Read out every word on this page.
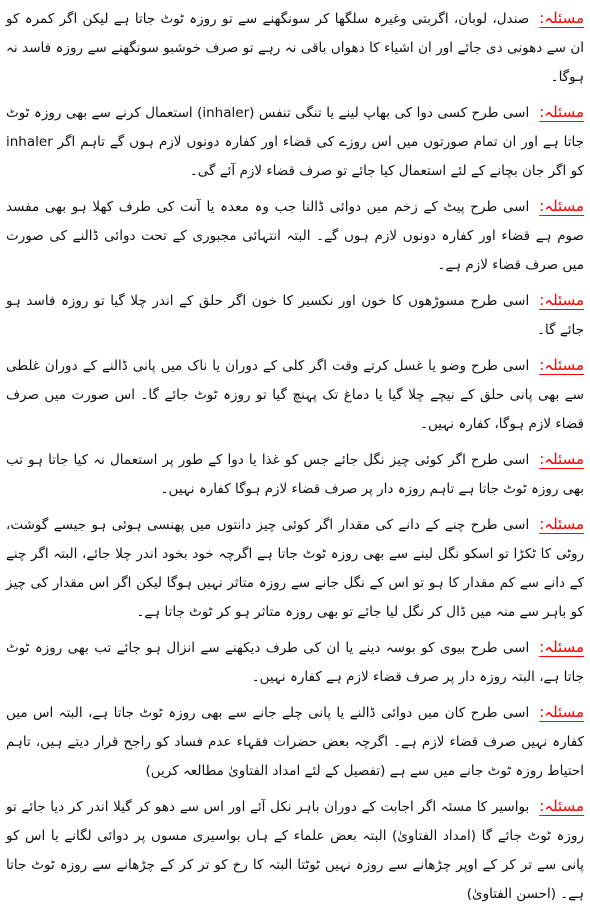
مسئلہ:صندل، لوبان، اگربتی وغیرہ سلگھا کر سونگھنے سے تو روزہ ٹوٹ جاتا ہے لیکن اگر کمرہ کو ان سے دھونی دی جائے اور ان اشیاء کا دھواں باقی نہ رہے تو صرف خوشبو سونگھنے سے روزہ فاسد نہ ہوگا۔

مسئلہ:اسی طرح کسی دوا کی بھاپ لینے یا تنگی تنفس (inhaler) استعمال کرنے سے بھی روزہ ٹوٹ جاتا ہے اور ان تمام صورتوں میں اس روزے کی قضاء اور کفارہ دونوں لازم ہوں گے تاہم اگر inhaler کو اگر جان بچانے کے لئے استعمال کیا جائے تو صرف قضاء لازم آئے گی۔

مسئلہ:اسی طرح پیٹ کے زخم میں دوائی ڈالنا جب وہ معدہ یا آنت کی طرف کھلا ہو بھی مفسد صوم ہے قضاء اور کفارہ دونوں لازم ہوں گے۔ البتہ انتہائی مجبوری کے تحت دوائی ڈالنے کی صورت میں صرف قضاء لازم ہے۔

مسئلہ:اسی طرح مسوڑھوں کا خون اور نکسیر کا خون اگر حلق کے اندر چلا گیا تو روزہ فاسد ہو جائے گا۔

مسئلہ:اسی طرح وضو یا غسل کرتے وقت اگر کلی کے دوران یا ناک میں پانی ڈالنے کے دوران غلطی سے بھی پانی حلق کے نیچے چلا گیا یا دماغ تک پہنچ گیا تو روزہ ٹوٹ جائے گا۔ اس صورت میں صرف قضاء لازم ہوگا، کفارہ نہیں۔

مسئلہ:اسی طرح اگر کوئی چیز نگل جائے جس کو غذا یا دوا کے طور پر استعمال نہ کیا جاتا ہو تب بھی روزہ ٹوٹ جاتا ہے تاہم روزہ دار پر صرف قضاء لازم ہوگا کفارہ نہیں۔

مسئلہ:اسی طرح چنے کے دانے کی مقدار اگر کوئی چیز دانتوں میں پھنسی ہوئی ہو جیسے گوشت، روٹی کا ٹکڑا تو اسکو نگل لینے سے بھی روزہ ٹوٹ جاتا ہے اگرچہ خود بخود اندر چلا جائے، البتہ اگر چنے کے دانے سے کم مقدار کا ہو تو اس کے نگل جانے سے روزہ متاثر نہیں ہوگا لیکن اگر اس مقدار کی چیز کو باہر سے منہ میں ڈال کر نگل لیا جائے تو بھی روزہ متاثر ہو کر ٹوٹ جاتا ہے۔

مسئلہ:اسی طرح بیوی کو بوسہ دینے یا ان کی طرف دیکھنے سے انزال ہو جائے تب بھی روزہ ٹوٹ جاتا ہے، البتہ روزہ دار پر صرف قضاء لازم ہے کفارہ نہیں۔

مسئلہ:اسی طرح کان میں دوائی ڈالنے یا پانی چلے جانے سے بھی روزہ ٹوٹ جاتا ہے، البتہ اس میں کفارہ نہیں صرف قضاء لازم ہے۔ اگرچہ بعض حضرات فقہاء عدم فساد کو راجح قرار دیتے ہیں، تاہم احتیاط روزہ ٹوٹ جانے میں سے ہے (تفصیل کے لئے امداد الفتاویٰ مطالعہ کریں)

مسئلہ:بواسیر کا مسئہ اگر اجابت کے دوران باہر نکل آئے اور اس سے دھو کر گیلا اندر کر دیا جائے تو روزہ ٹوٹ جائے گا (امداد الفتاویٰ) البتہ بعض علماء کے ہاں بواسیری مسوں پر دوائی لگانے یا اس کو پانی سے تر کر کے اوپر چڑھانے سے روزہ نہیں ٹوٹتا البتہ کا رخ کو تر کر کے چڑھانے سے روزہ ٹوٹ جاتا ہے۔ (احسن الفتاویٰ)
